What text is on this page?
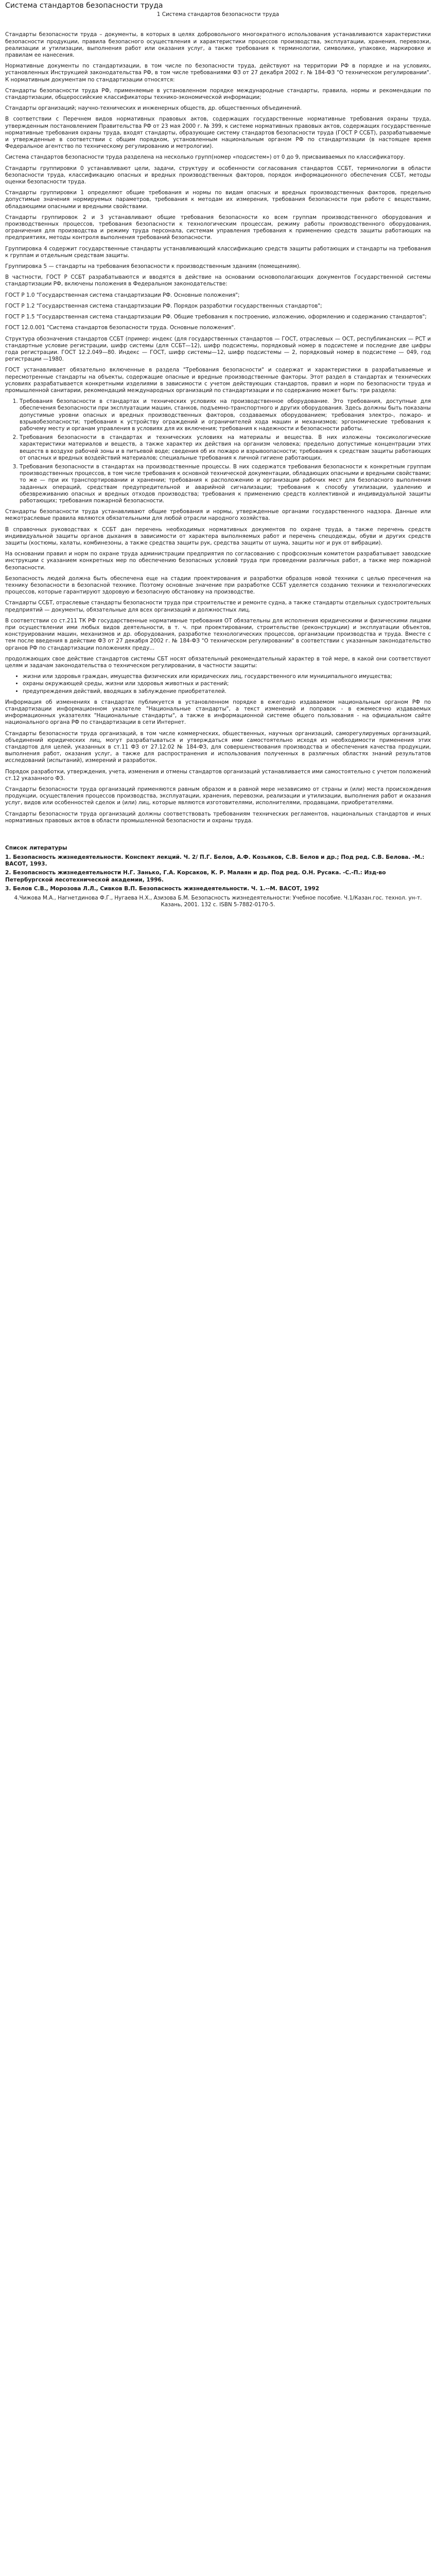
Система стандартов безопасности труда
1 Система стандартов безопасности труда

Стандарты безопасности труда – документы, в которых в целях добровольного многократного использования устанавливаются характеристики безопасности продукции, правила безопасного осуществления и характеристики процессов производства, эксплуатации, хранения, перевозки, реализации и утилизации, выполнения работ или оказания услуг, а также требования к терминологии, символике, упаковке, маркировке и правилам ее нанесения.

Нормативные документы по стандартизации, в том числе по безопасности труда, действуют на территории РФ в порядке и на условиях, установленных Инструкцией законодательства РФ, в том числе требованиями ФЗ от 27 декабря 2002 г. № 184-ФЗ "О техническом регулировании". К нормативным документам по стандартизации относятся:

Стандарты безопасности труда РФ, применяемые в установленном порядке международные стандарты, правила, нормы и рекомендации по стандартизации, общероссийские классификаторы технико-экономической информации;

Стандарты организаций; научно-технических и инженерных обществ, др. общественных объединений.

В соответствии с Перечнем видов нормативных правовых актов, содержащих государственные нормативные требования охраны труда, утвержденным постановлением Правительства РФ от 23 мая 2000 г. № 399, к системе нормативных правовых актов, содержащих государственные нормативные требования охраны труда, входят стандарты, образующие систему стандартов безопасности труда (ГОСТ Р ССБТ), разрабатываемые и утвержденные в соответствии с общим порядком, установленным национальным органом РФ по стандартизации (в настоящее время Федеральное агентство по техническому регулированию и метрологии).

Система стандартов безопасности труда разделена на несколько групп(номер «подсистем») от 0 до 9, присваиваемых по классификатору.

Стандарты группировки 0 устанавливают цели, задачи, структуру и особенности согласования стандартов ССБТ, терминологии в области безопасности труда, классификацию опасных и вредных производственных факторов, порядок информационного обеспечения ССБТ, методы оценки безопасности труда.

Стандарты группировки 1 определяют общие требования и нормы по видам опасных и вредных производственных факторов, предельно допустимые значения нормируемых параметров, требования к методам их измерения, требования безопасности при работе с веществами, обладающими опасными и вредными свойствами.

Стандарты группировок 2 и 3 устанавливают общие требования безопасности ко всем группам производственного оборудования и производственных процессов, требования безопасности к технологическим процессам, режиму работы производственного оборудования, ограничения для производства и режиму труда персонала, системам управления требования к применению средств защиты работающих на предприятиях, методы контроля выполнения требований безопасности.

Группировка 4 содержит государственные стандарты устанавливающий классификацию средств защиты работающих и стандарты на требования к группам и отдельным средствам защиты.

Группировка 5 — стандарты на требования безопасности к производственным зданиям (помещениям).

В частности, ГОСТ Р ССБТ разрабатываются и вводятся в действие на основании основополагающих документов Государственной системы стандартизации РФ, включены положения в Федеральном законодательстве:

ГОСТ Р 1.0 "Государственная система стандартизации РФ. Основные положения";

ГОСТ Р 1.2 "Государственная система стандартизации РФ. Порядок разработки государственных стандартов";

ГОСТ Р 1.5 "Государственная система стандартизации РФ. Общие требования к построению, изложению, оформлению и содержанию стандартов";

ГОСТ 12.0.001 "Система стандартов безопасности труда. Основные положения".

Структура обозначения стандартов ССБТ (пример: индекс (для государственных стандартов — ГОСТ, отраслевых — ОСТ, республиканских — РСТ и стандартные условие регистрации, шифр системы (для ССБТ—12), шифр подсистемы, порядковый номер в подсистеме и последние две цифры года регистрации. ГОСТ 12.2.049—80. Индекс — ГОСТ, шифр системы—12, шифр подсистемы — 2, порядковый номер в подсистеме — 049, год регистрации —1980.

ГОСТ устанавливает обязательно включенные в раздела "Требования безопасности" и содержат и характеристики в разрабатываемые и пересмотренные стандарты на объекты, содержащие опасные и вредные производственные факторы. Этот раздел в стандартах и технических условиях разрабатывается конкретными изделиями в зависимости с учетом действующих стандартов, правил и норм по безопасности труда и промышленной санитарии, рекомендаций международных организаций по стандартизации и по содержанию может быть: три раздела:

1. Требования безопасности в стандартах и технических условиях на производственное оборудование. Это требования, доступные для обеспечения безопасности при эксплуатации машин, станков, подъемно-транспортного и других оборудования. Здесь должны быть показаны допустимые уровни опасных и вредных производственных факторов, создаваемых оборудованием; требования электро-, пожаро- и взрывобезопасности; требования к устройству ограждений и ограничителей хода машин и механизмов; эргономические требования к рабочему месту и органам управления в условиях для их включения; требования к надежности и безопасности работы.
2. Требования безопасности в стандартах и технических условиях на материалы и вещества. В них изложены токсикологические характеристики материалов и веществ, а также характер их действия на организм человека; предельно допустимые концентрации этих веществ в воздухе рабочей зоны и в питьевой воде; сведения об их пожаро и взрывоопасности; требования к средствам защиты работающих от опасных и вредных воздействий материалов; специальные требования к личной гигиене работающих.
3. Требования безопасности в стандартах на производственные процессы. В них содержатся требования безопасности к конкретным группам производственных процессов, в том числе требования к основной технической документации, обладающих опасными и вредными свойствами; то же — при их транспортировании и хранении; требования к расположению и организации рабочих мест для безопасного выполнения заданных операций, средствам предупредительной и аварийной сигнализации; требования к способу утилизации, удалению и обезвреживанию опасных и вредных отходов производства; требования к применению средств коллективной и индивидуальной защиты работающих; требования пожарной безопасности.

Стандарты безопасности труда устанавливают общие требования и нормы, утвержденные органами государственного надзора. Данные или межотраслевые правила являются обязательными для любой отрасли народного хозяйства.

В справочных руководствах к ССБТ дан перечень необходимых нормативных документов по охране труда, а также перечень средств индивидуальной защиты органов дыхания в зависимости от характера выполняемых работ и перечень спецодежды, обуви и других средств защиты (костюмы, халаты, комбинезоны, а также средства защиты рук, средства защиты от шума, защиты ног и рук от вибрации).

На основании правил и норм по охране труда администрации предприятия по согласованию с профсоюзным комитетом разрабатывает заводские инструкции с указанием конкретных мер по обеспечению безопасных условий труда при проведении различных работ, а также мер пожарной безопасности.

Безопасность людей должна быть обеспечена еще на стадии проектирования и разработки образцов новой техники с целью пресечения на технику безопасности в безопасной технике. Поэтому основные значение при разработке ССБТ уделяется созданию техники и технологических процессов, которые гарантируют здоровую и безопасную обстановку на производстве.

Стандарты ССБТ, отраслевые стандарты безопасности труда при строительстве и ремонте судна, а также стандарты отдельных судостроительных предприятий — документы, обязательные для всех организаций и должностных лиц.

В соответствии со ст.211 ТК РФ государственные нормативные требования ОТ обязательны для исполнения юридическими и физическими лицами при осуществлении ими любых видов деятельности, в т. ч. при проектировании, строительстве (реконструкции) и эксплуатации объектов, конструировании машин, механизмов и др. оборудования, разработке технологических процессов, организации производства и труда. Вместе с тем после введения в действие ФЗ от 27 декабря 2002 г. № 184-ФЗ "О техническом регулировании" в соответствии с указанным законодательство органов РФ по стандартизации положениях преду...

продолжающих свое действие стандартов системы СБТ носят обязательный рекомендательный характер в той мере, в какой они соответствуют целям и задачам законодательства о техническом регулировании, в частности защиты:

• жизни или здоровья граждан, имущества физических или юридических лиц, государственного или муниципального имущества;
• охраны окружающей среды, жизни или здоровья животных и растений;
• предупреждения действий, вводящих в заблуждение приобретателей.

Информация об изменениях в стандартах публикуется в установленном порядке в ежегодно издаваемом национальным органом РФ по стандартизации информационном указателе "Национальные стандарты", а текст изменений и поправок - в ежемесячно издаваемых информационных указателях "Национальные стандарты", а также в информационной системе общего пользования - на официальном сайте национального органа РФ по стандартизации в сети Интернет.

Стандарты безопасности труда организаций, в том числе коммерческих, общественных, научных организаций, саморегулируемых организаций, объединений юридических лиц, могут разрабатываться и утверждаться ими самостоятельно исходя из необходимости применения этих стандартов для целей, указанных в ст.11 ФЗ от 27.12.02 № 184-ФЗ, для совершенствования производства и обеспечения качества продукции, выполнения работ, оказания услуг, а также для распространения и использования полученных в различных областях знаний результатов исследований (испытаний), измерений и разработок.

Порядок разработки, утверждения, учета, изменения и отмены стандартов организаций устанавливается ими самостоятельно с учетом положений ст.12 указанного ФЗ.

Стандарты безопасности труда организаций применяются равным образом и в равной мере независимо от страны и (или) места происхождения продукции, осуществления процессов производства, эксплуатации, хранения, перевозки, реализации и утилизации, выполнения работ и оказания услуг, видов или особенностей сделок и (или) лиц, которые являются изготовителями, исполнителями, продавцами, приобретателями.

Стандарты безопасности труда организаций должны соответствовать требованиям технических регламентов, национальных стандартов и иных нормативных правовых актов в области промышленной безопасности и охраны труда.

Список литературы
1. Безопасность жизнедеятельности. Конспект лекций. Ч. 2/ П.Г. Белов, А.Ф. Козьяков, С.В. Белов и др.; Под ред. С.В. Белова. -М.: ВАСОТ, 1993.
2. Безопасность жизнедеятельности Н.Г. Занько, Г.А. Корсаков, К. Р. Малаян и др. Под ред. О.Н. Русака. -С.-П.: Изд-во Петербургской лесотехнической академии, 1996.
3. Белов С.В., Морозова Л.Л., Сивков В.П. Безопасность жизнедеятельности. Ч. 1.--М. ВАСОТ, 1992
4.Чижова М.А., Нагнетдинова Ф.Г., Нугаева Н.Х., Азизова Б.М. Безопасность жизнедеятельности: Учебное пособие. Ч.1/Казан.гос. технол. ун-т. Казань, 2001. 132 с. ISBN 5-7882-0170-5.
